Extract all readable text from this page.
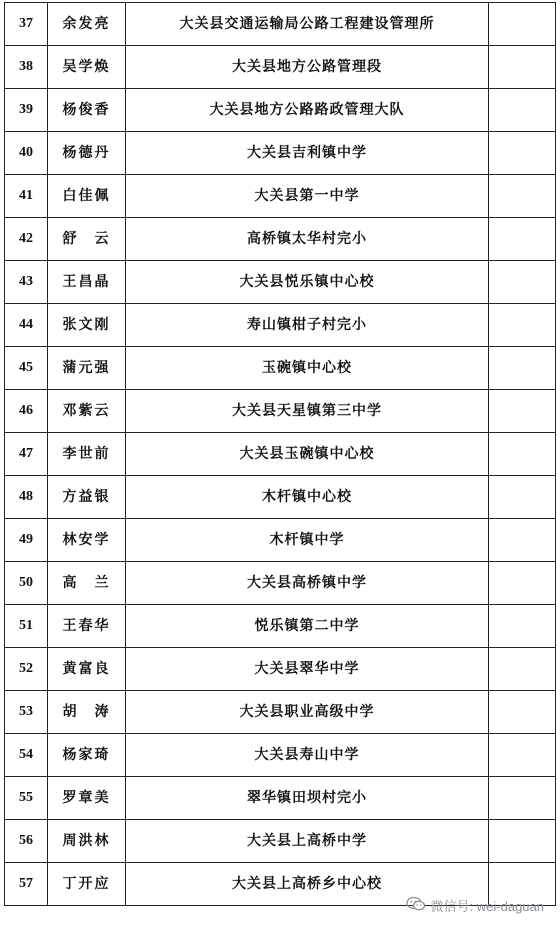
37	余发亮	大关县交通运输局公路工程建设管理所	
38	吴学焕	大关县地方公路管理段	
39	杨俊香	大关县地方公路路政管理大队	
40	杨德丹	大关县吉利镇中学	
41	白佳佩	大关县第一中学	
42	舒　云	高桥镇太华村完小	
43	王昌晶	大关县悦乐镇中心校	
44	张文刚	寿山镇柑子村完小	
45	蒲元强	玉碗镇中心校	
46	邓紫云	大关县天星镇第三中学	
47	李世前	大关县玉碗镇中心校	
48	方益银	木杆镇中心校	
49	林安学	木杆镇中学	
50	高　兰	大关县高桥镇中学	
51	王春华	悦乐镇第二中学	
52	黄富良	大关县翠华中学	
53	胡　涛	大关县职业高级中学	
54	杨家琦	大关县寿山中学	
55	罗章美	翠华镇田坝村完小	
56	周洪林	大关县上高桥中学	
57	丁开应	大关县上高桥乡中心校	
微信号: wei-daguan
